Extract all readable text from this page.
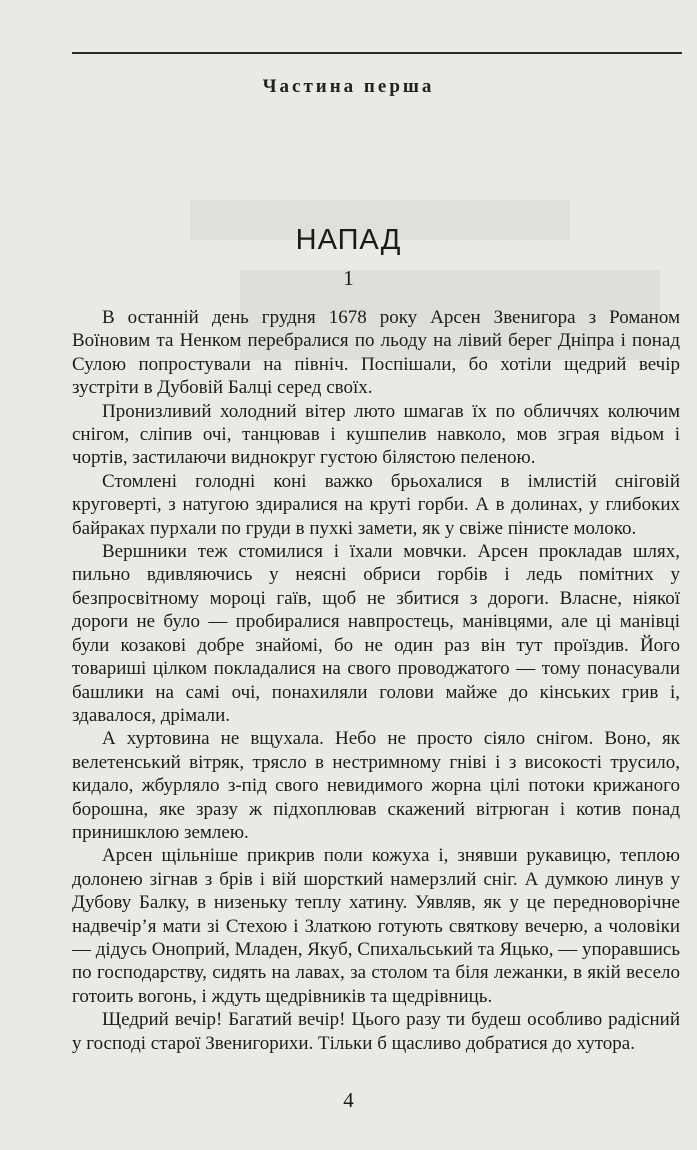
Частина перша
НАПАД
1

В останній день грудня 1678 року Арсен Звенигора з Романом Воїновим та Ненком перебралися по льоду на лівий берег Дніпра і понад Сулою попростували на північ. Поспішали, бо хотіли щедрий вечір зустріти в Дубовій Балці серед своїх.

Пронизливий холодний вітер люто шмагав їх по обличчях колючим снігом, сліпив очі, танцював і кушпелив навколо, мов зграя відьом і чортів, застилаючи виднокруг густою білястою пеленою.

Стомлені голодні коні важко брьохалися в імлистій сніговій круговерті, з натугою здиралися на круті горби. А в долинах, у глибоких байраках пурхали по груди в пухкі замети, як у свіже пінисте молоко.

Вершники теж стомилися і їхали мовчки. Арсен прокладав шлях, пильно вдивляючись у неясні обриси горбів і ледь помітних у безпросвітному мороці гаїв, щоб не збитися з дороги. Власне, ніякої дороги не було — пробиралися навпростець, манівцями, але ці манівці були козакові добре знайомі, бо не один раз він тут проїздив. Його товариші цілком покладалися на свого проводжатого — тому понасували башлики на самі очі, понахиляли голови майже до кінських грив і, здавалося, дрімали.

А хуртовина не вщухала. Небо не просто сіяло снігом. Воно, як велетенський вітряк, трясло в нестримному гніві і з високості трусило, кидало, жбурляло з-під свого невидимого жорна цілі потоки крижаного борошна, яке зразу ж підхоплював скажений вітрюган і котив понад принишклою землею.

Арсен щільніше прикрив поли кожуха і, знявши рукавицю, теплою долонею зігнав з брів і вій шорсткий намерзлий сніг. А думкою линув у Дубову Балку, в низеньку теплу хатину. Уявляв, як у це передноворічне надвечір’я мати зі Стехою і Златкою готують святкову вечерю, а чоловіки — дідусь Оноприй, Младен, Якуб, Спихальський та Яцько, — упоравшись по господарству, сидять на лавах, за столом та біля лежанки, в якій весело готоить вогонь, і ждуть щедрівників та щедрівниць.

Щедрий вечір! Багатий вечір! Цього разу ти будеш особливо радісний у господі старої Звенигорихи. Тільки б щасливо добратися до хутора.

4
